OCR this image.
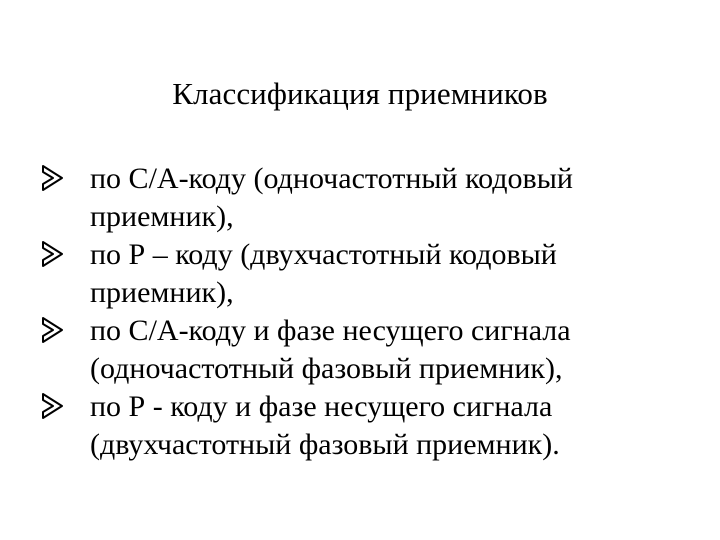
Классификация приемников
по С/А-коду (одночастотный кодовый приемник),
по Р – коду (двухчастотный кодовый приемник),
по С/А-коду и фазе несущего сигнала (одночастотный фазовый приемник),
по Р - коду и фазе несущего сигнала (двухчастотный фазовый приемник).
